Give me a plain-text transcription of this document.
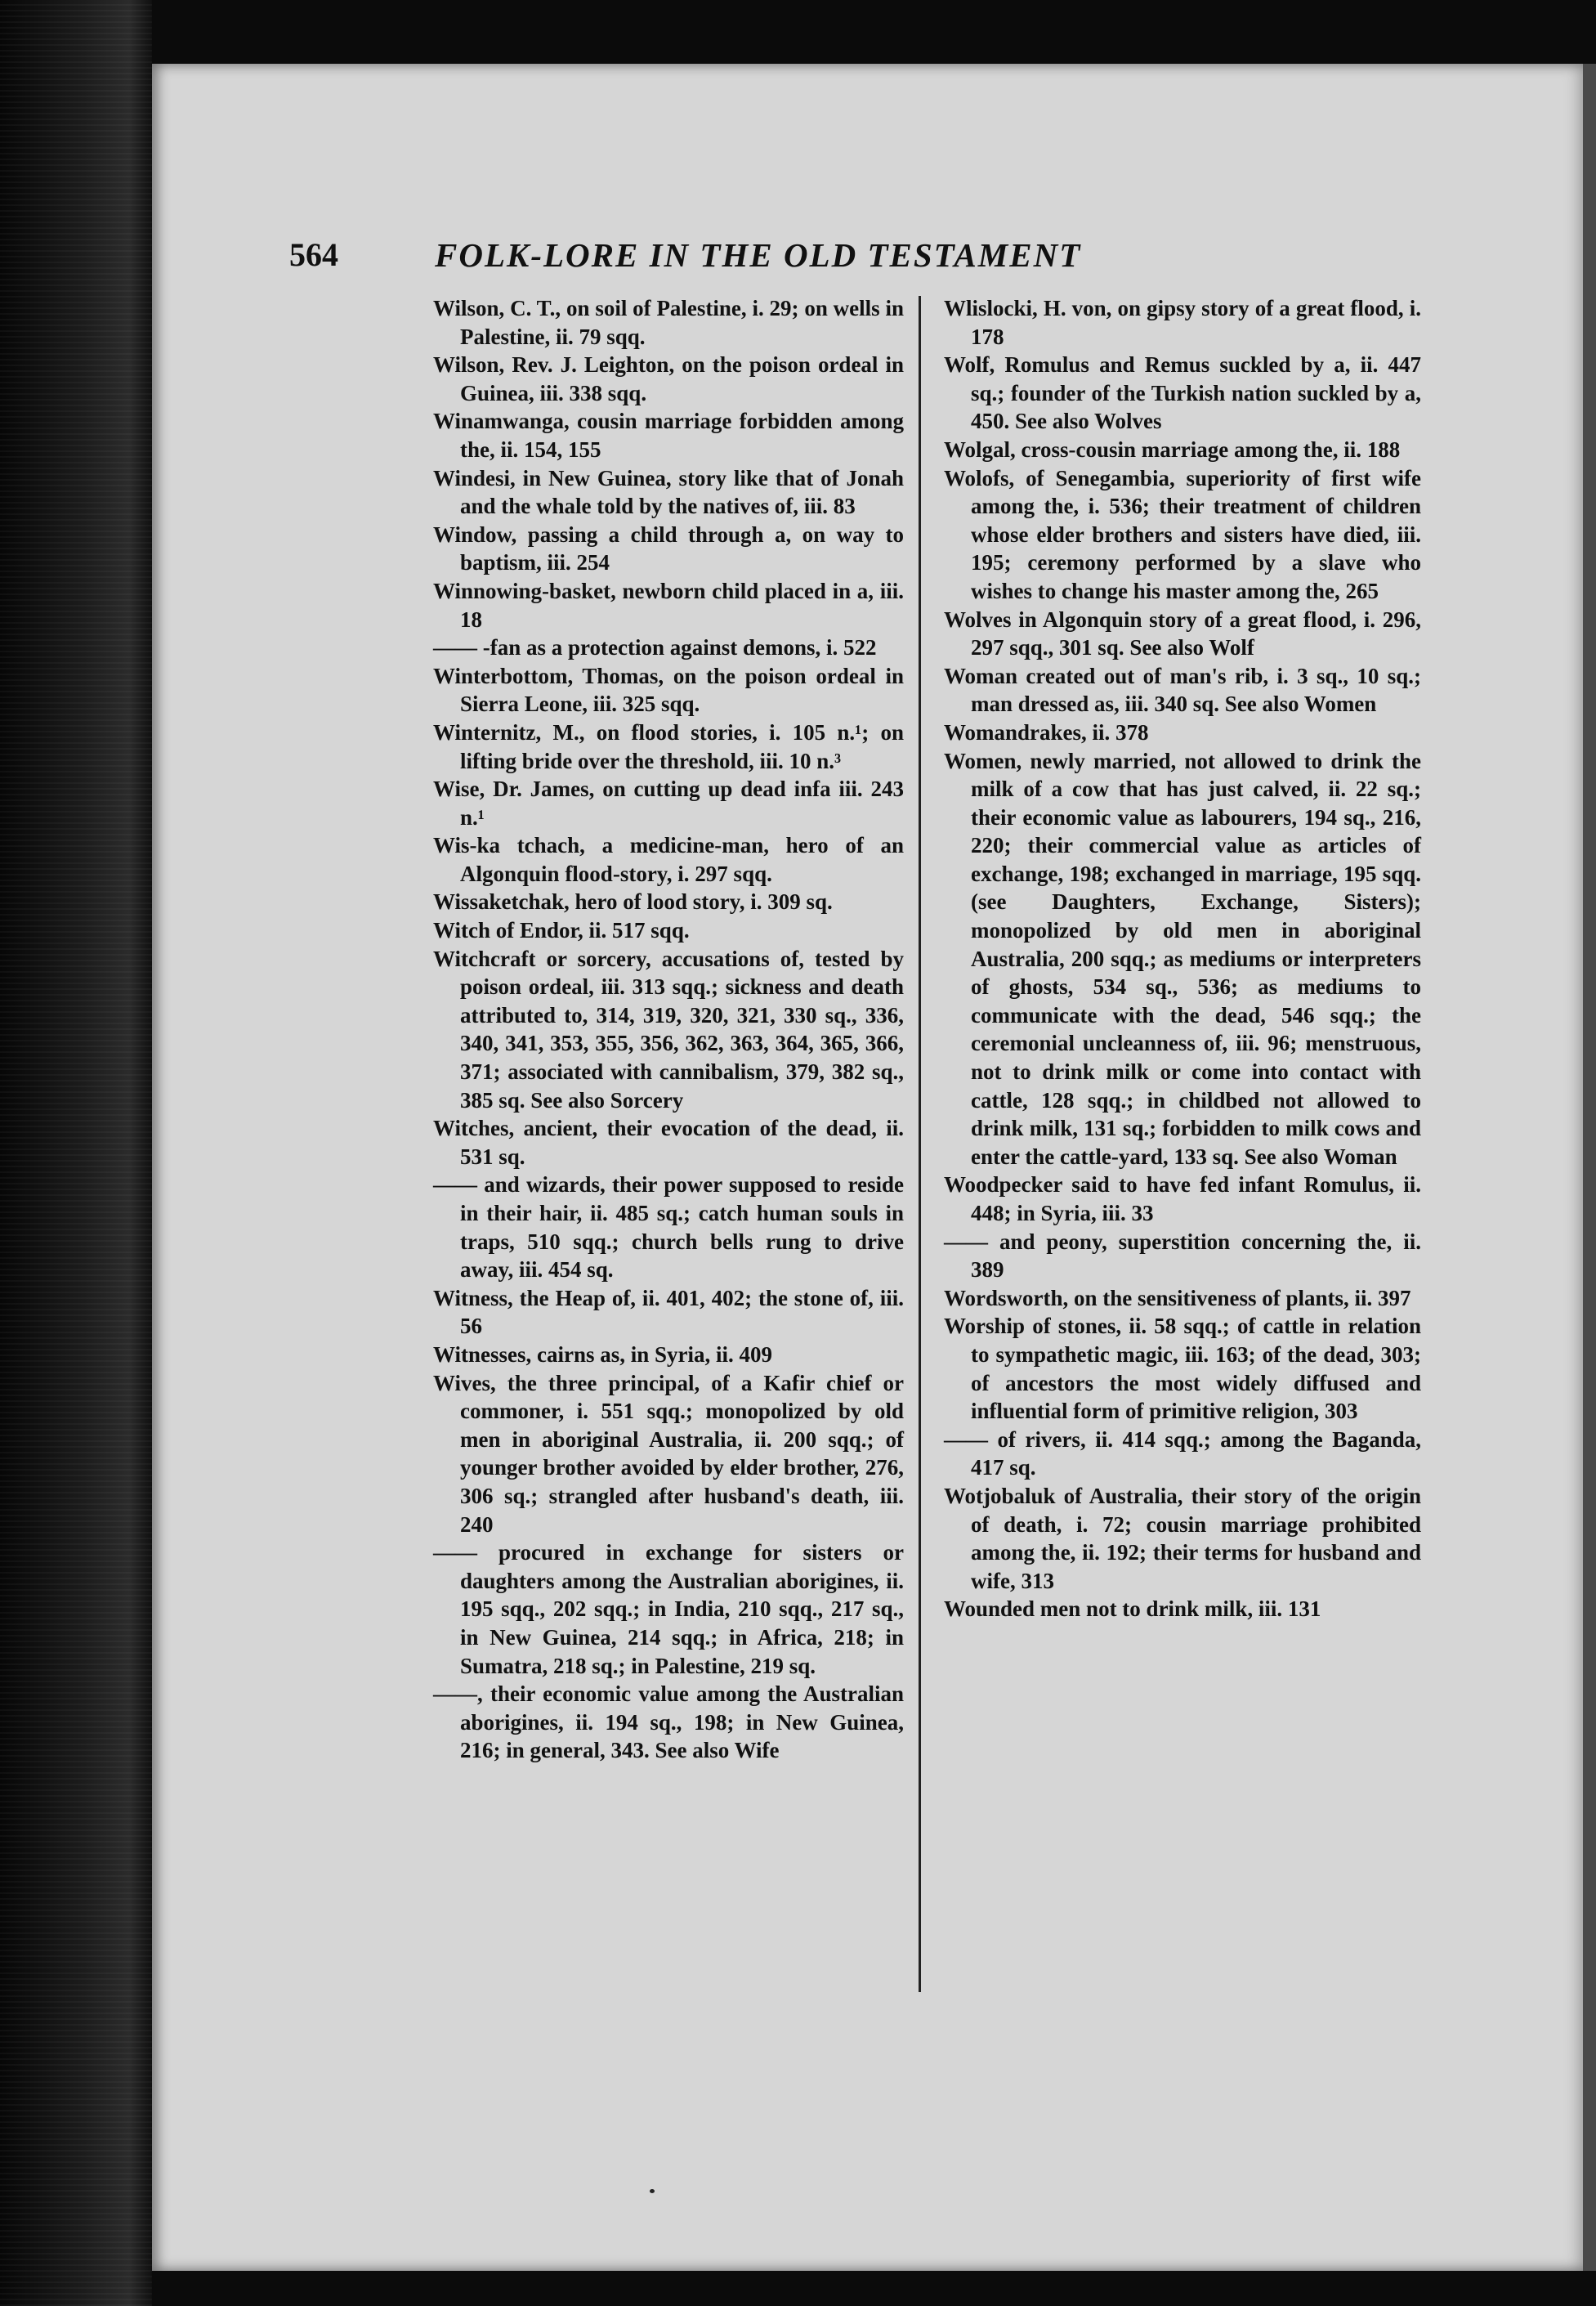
564	FOLK-LORE IN THE OLD TESTAMENT

Wilson, C. T., on soil of Palestine, i. 29; on wells in Palestine, ii. 79 sqq.

Wilson, Rev. J. Leighton, on the poison ordeal in Guinea, iii. 338 sqq.

Winamwanga, cousin marriage forbidden among the, ii. 154, 155

Windesi, in New Guinea, story like that of Jonah and the whale told by the natives of, iii. 83

Window, passing a child through a, on way to baptism, iii. 254

Winnowing-basket, newborn child placed in a, iii. 18

—— -fan as a protection against demons, i. 522

Winterbottom, Thomas, on the poison ordeal in Sierra Leone, iii. 325 sqq.

Winternitz, M., on flood stories, i. 105 n.¹; on lifting bride over the threshold, iii. 10 n.³

Wise, Dr. James, on cutting up dead infa iii. 243 n.¹

Wis-ka tchach, a medicine-man, hero of an Algonquin flood-story, i. 297 sqq.

Wissaketchak, hero of lood story, i. 309 sq.

Witch of Endor, ii. 517 sqq.

Witchcraft or sorcery, accusations of, tested by poison ordeal, iii. 313 sqq.; sickness and death attributed to, 314, 319, 320, 321, 330 sq., 336, 340, 341, 353, 355, 356, 362, 363, 364, 365, 366, 371; associated with cannibalism, 379, 382 sq., 385 sq. See also Sorcery

Witches, ancient, their evocation of the dead, ii. 531 sq.

—— and wizards, their power supposed to reside in their hair, ii. 485 sq.; catch human souls in traps, 510 sqq.; church bells rung to drive away, iii. 454 sq.

Witness, the Heap of, ii. 401, 402; the stone of, iii. 56

Witnesses, cairns as, in Syria, ii. 409

Wives, the three principal, of a Kafir chief or commoner, i. 551 sqq.; monopolized by old men in aboriginal Australia, ii. 200 sqq.; of younger brother avoided by elder brother, 276, 306 sq.; strangled after husband's death, iii. 240

—— procured in exchange for sisters or daughters among the Australian aborigines, ii. 195 sqq., 202 sqq.; in India, 210 sqq., 217 sq., in New Guinea, 214 sqq.; in Africa, 218; in Sumatra, 218 sq.; in Palestine, 219 sq.

——, their economic value among the Australian aborigines, ii. 194 sq., 198; in New Guinea, 216; in general, 343. See also Wife

Wlislocki, H. von, on gipsy story of a great flood, i. 178

Wolf, Romulus and Remus suckled by a, ii. 447 sq.; founder of the Turkish nation suckled by a, 450. See also Wolves

Wolgal, cross-cousin marriage among the, ii. 188

Wolofs, of Senegambia, superiority of first wife among the, i. 536; their treatment of children whose elder brothers and sisters have died, iii. 195; ceremony performed by a slave who wishes to change his master among the, 265

Wolves in Algonquin story of a great flood, i. 296, 297 sqq., 301 sq. See also Wolf

Woman created out of man's rib, i. 3 sq., 10 sq.; man dressed as, iii. 340 sq. See also Women

Womandrakes, ii. 378

Women, newly married, not allowed to drink the milk of a cow that has just calved, ii. 22 sq.; their economic value as labourers, 194 sq., 216, 220; their commercial value as articles of exchange, 198; exchanged in marriage, 195 sqq. (see Daughters, Exchange, Sisters); monopolized by old men in aboriginal Australia, 200 sqq.; as mediums or interpreters of ghosts, 534 sq., 536; as mediums to communicate with the dead, 546 sqq.; the ceremonial uncleanness of, iii. 96; menstruous, not to drink milk or come into contact with cattle, 128 sqq.; in childbed not allowed to drink milk, 131 sq.; forbidden to milk cows and enter the cattle-yard, 133 sq. See also Woman

Woodpecker said to have fed infant Romulus, ii. 448; in Syria, iii. 33

—— and peony, superstition concerning the, ii. 389

Wordsworth, on the sensitiveness of plants, ii. 397

Worship of stones, ii. 58 sqq.; of cattle in relation to sympathetic magic, iii. 163; of the dead, 303; of ancestors the most widely diffused and influential form of primitive religion, 303

—— of rivers, ii. 414 sqq.; among the Baganda, 417 sq.

Wotjobaluk of Australia, their story of the origin of death, i. 72; cousin marriage prohibited among the, ii. 192; their terms for husband and wife, 313

Wounded men not to drink milk, iii. 131
